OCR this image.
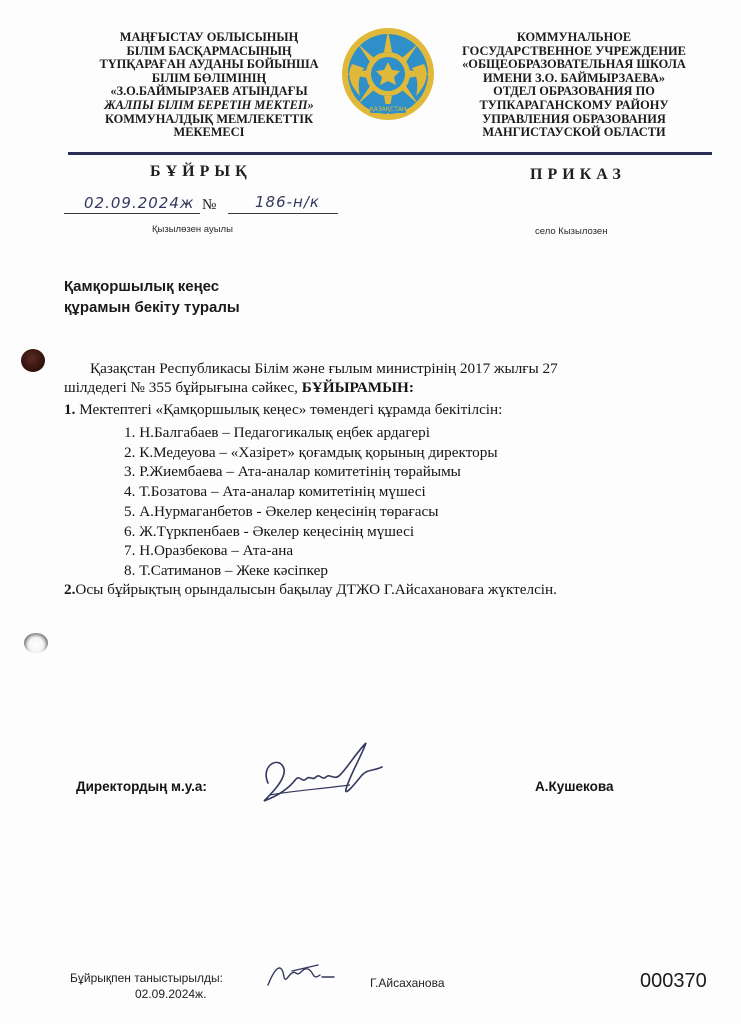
МАҢҒЫСТАУ ОБЛЫСЫНЫҢ
БІЛІМ БАСҚАРМАСЫНЫҢ
ТҮПҚАРАҒАН АУДАНЫ БОЙЫНША
БІЛІМ БӨЛІМІНІҢ
«З.О.БАЙМЫРЗАЕВ АТЫНДАҒЫ
ЖАЛПЫ БІЛІМ БЕРЕТІН МЕКТЕП»
КОММУНАЛДЫҚ МЕМЛЕКЕТТІК
МЕКЕМЕСІ
ҚАЗАҚСТАН
КОММУНАЛЬНОЕ
ГОСУДАРСТВЕННОЕ УЧРЕЖДЕНИЕ
«ОБЩЕОБРАЗОВАТЕЛЬНАЯ ШКОЛА
ИМЕНИ З.О. БАЙМЫРЗАЕВА»
ОТДЕЛ ОБРАЗОВАНИЯ ПО
ТУПКАРАГАНСКОМУ РАЙОНУ
УПРАВЛЕНИЯ ОБРАЗОВАНИЯ
МАНГИСТАУСКОЙ ОБЛАСТИ
БҰЙРЫҚ	ПРИКАЗ
02.09.2024ж №	186-н/к
Қызылөзен ауылы	село Кызылозен
Қамқоршылық кеңес
құрамын бекіту туралы
Қазақстан Республикасы Білім және ғылым министрінің 2017 жылғы 27
шілдедегі № 355 бұйрығына сәйкес, БҰЙЫРАМЫН:
1. Мектептегі «Қамқоршылық кеңес» төмендегі құрамда бекітілсін:
1. Н.Балгабаев – Педагогикалық еңбек ардагері
2. К.Медеуова – «Хазірет» қоғамдық қорының директоры
3. Р.Жиембаева – Ата-аналар комитетінің төрайымы
4. Т.Бозатова – Ата-аналар комитетінің мүшесі
5. А.Нурмаганбетов - Әкелер кеңесінің төрағасы
6. Ж.Түркпенбаев - Әкелер кеңесінің мүшесі
7. Н.Оразбекова – Ата-ана
8. Т.Сатиманов – Жеке кәсіпкер
2.Осы бұйрықтың орындалысын бақылау ДТЖО Г.Айсахановаға жүктелсін.
Директордың м.у.а:	А.Кушекова
Бұйрықпен таныстырылды:
02.09.2024ж.
Г.Айсаханова	000370
